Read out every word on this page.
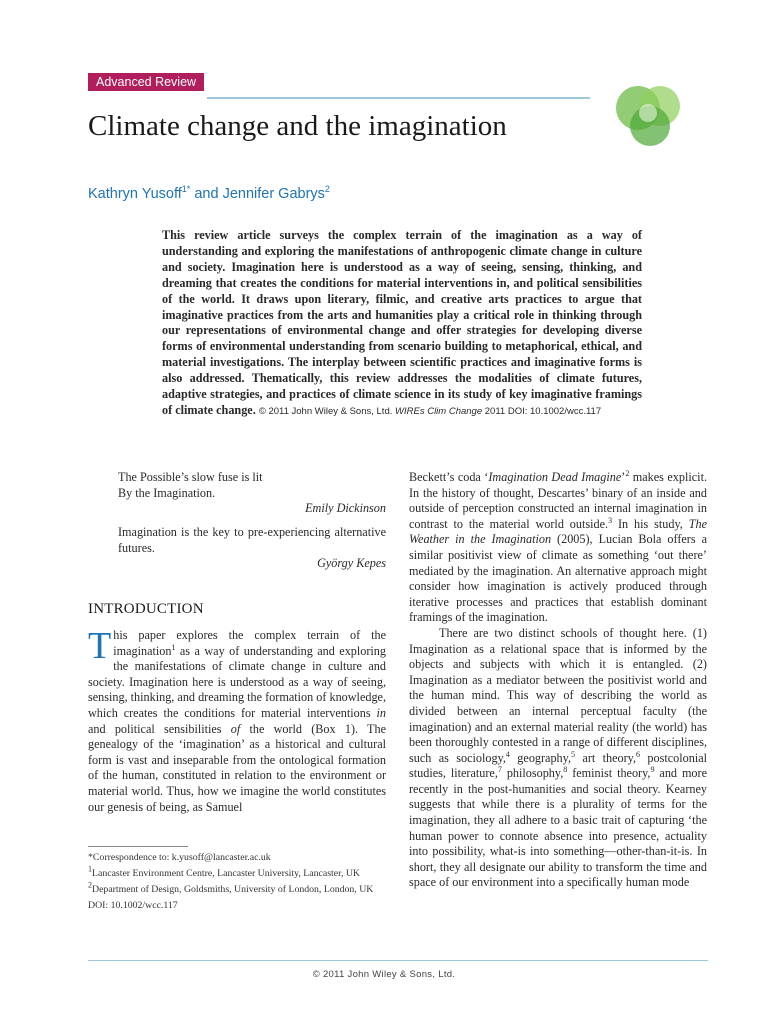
Advanced Review
Climate change and the imagination
Kathryn Yusoff$^{1*}$ and Jennifer Gabrys$^2$

This review article surveys the complex terrain of the imagination as a way of understanding and exploring the manifestations of anthropogenic climate change in culture and society. Imagination here is understood as a way of seeing, sensing, thinking, and dreaming that creates the conditions for material interventions in, and political sensibilities of the world. It draws upon literary, filmic, and creative arts practices to argue that imaginative practices from the arts and humanities play a critical role in thinking through our representations of environmental change and offer strategies for developing diverse forms of environmental understanding from scenario building to metaphorical, ethical, and material investigations. The interplay between scientific practices and imaginative forms is also addressed. Thematically, this review addresses the modalities of climate futures, adaptive strategies, and practices of climate science in its study of key imaginative framings of climate change. © 2011 John Wiley & Sons, Ltd. WIREs Clim Change 2011 DOI: 10.1002/wcc.117

The Possible’s slow fuse is lit

By the Imagination.

Emily Dickinson

Imagination is the key to pre-experiencing alternative futures.

György Kepes

INTRODUCTION

This paper explores the complex terrain of the imagination$^1$ as a way of understanding and exploring the manifestations of climate change in culture and society. Imagination here is understood as a way of seeing, sensing, thinking, and dreaming the formation of knowledge, which creates the conditions for material interventions in and political sensibilities of the world (Box 1). The genealogy of the ‘imagination’ as a historical and cultural form is vast and inseparable from the ontological formation of the human, constituted in relation to the environment or material world. Thus, how we imagine the world constitutes our genesis of being, as Samuel

*Correspondence to: k.yusoff@lancaster.ac.uk

$^1$Lancaster Environment Centre, Lancaster University, Lancaster, UK

$^2$Department of Design, Goldsmiths, University of London, London, UK

DOI: 10.1002/wcc.117

Beckett’s coda ‘Imagination Dead Imagine’$^2$ makes explicit. In the history of thought, Descartes’ binary of an inside and outside of perception constructed an internal imagination in contrast to the material world outside.$^3$ In his study, The Weather in the Imagination (2005), Lucian Bola offers a similar positivist view of climate as something ‘out there’ mediated by the imagination. An alternative approach might consider how imagination is actively produced through iterative processes and practices that establish dominant framings of the imagination.

There are two distinct schools of thought here. (1) Imagination as a relational space that is informed by the objects and subjects with which it is entangled. (2) Imagination as a mediator between the positivist world and the human mind. This way of describing the world as divided between an internal perceptual faculty (the imagination) and an external material reality (the world) has been thoroughly contested in a range of different disciplines, such as sociology,$^4$ geography,$^5$ art theory,$^6$ postcolonial studies, literature,$^7$ philosophy,$^8$ feminist theory,$^9$ and more recently in the post-humanities and social theory. Kearney suggests that while there is a plurality of terms for the imagination, they all adhere to a basic trait of capturing ‘the human power to connote absence into presence, actuality into possibility, what-is into something—other-than-it-is. In short, they all designate our ability to transform the time and space of our environment into a specifically human mode

© 2011 John Wiley & Sons, Ltd.
